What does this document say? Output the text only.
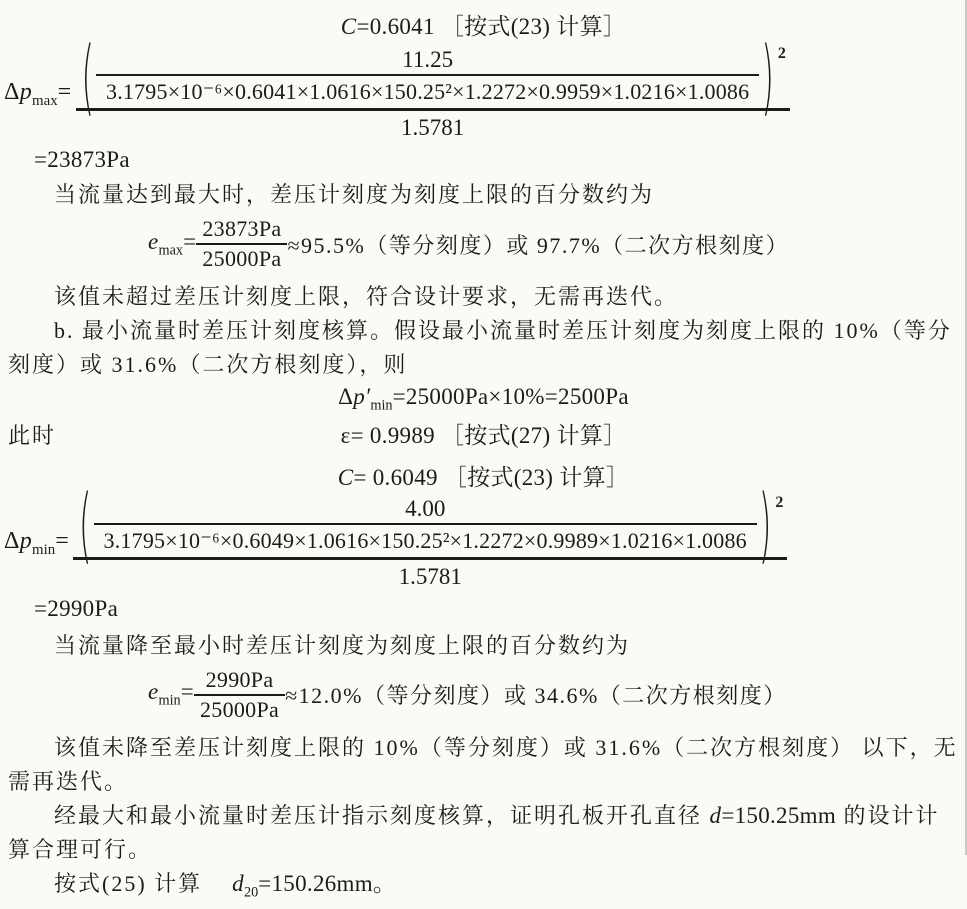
C=0.6041 ［按式(23) 计算］
$\Delta p_{max}=$ (	11.25
3.1795×10⁻⁶×0.6041×1.0616×150.25²×1.2272×0.9959×1.0216×1.0086 ) 2
1.5781
=23873Pa
当流量达到最大时，差压计刻度为刻度上限的百分数约为
$e_{max}= \frac{23873Pa}{25000Pa} \approx 95.5\%$（等分刻度）或 97.7%（二次方根刻度）
该值未超过差压计刻度上限，符合设计要求，无需再迭代。
b. 最小流量时差压计刻度核算。假设最小流量时差压计刻度为刻度上限的 10%（等分
刻度）或 31.6%（二次方根刻度），则
$\Delta p'_{min}=25000Pa\times 10\%=2500Pa$
此时	ε= 0.9989 ［按式(27) 计算］
C= 0.6049 ［按式(23) 计算］
$\Delta p_{min}=$ (	4.00
3.1795×10⁻⁶×0.6049×1.0616×150.25²×1.2272×0.9989×1.0216×1.0086 ) 2
1.5781
=2990Pa
当流量降至最小时差压计刻度为刻度上限的百分数约为
$e_{min}= \frac{2990Pa}{25000Pa} \approx 12.0\%$（等分刻度）或 34.6%（二次方根刻度）
该值未降至差压计刻度上限的 10%（等分刻度）或 31.6%（二次方根刻度） 以下，无
需再迭代。
经最大和最小流量时差压计指示刻度核算，证明孔板开孔直径 d=150.25mm 的设计计
算合理可行。
按式(25) 计算 $d_{20}=150.26mm$。
